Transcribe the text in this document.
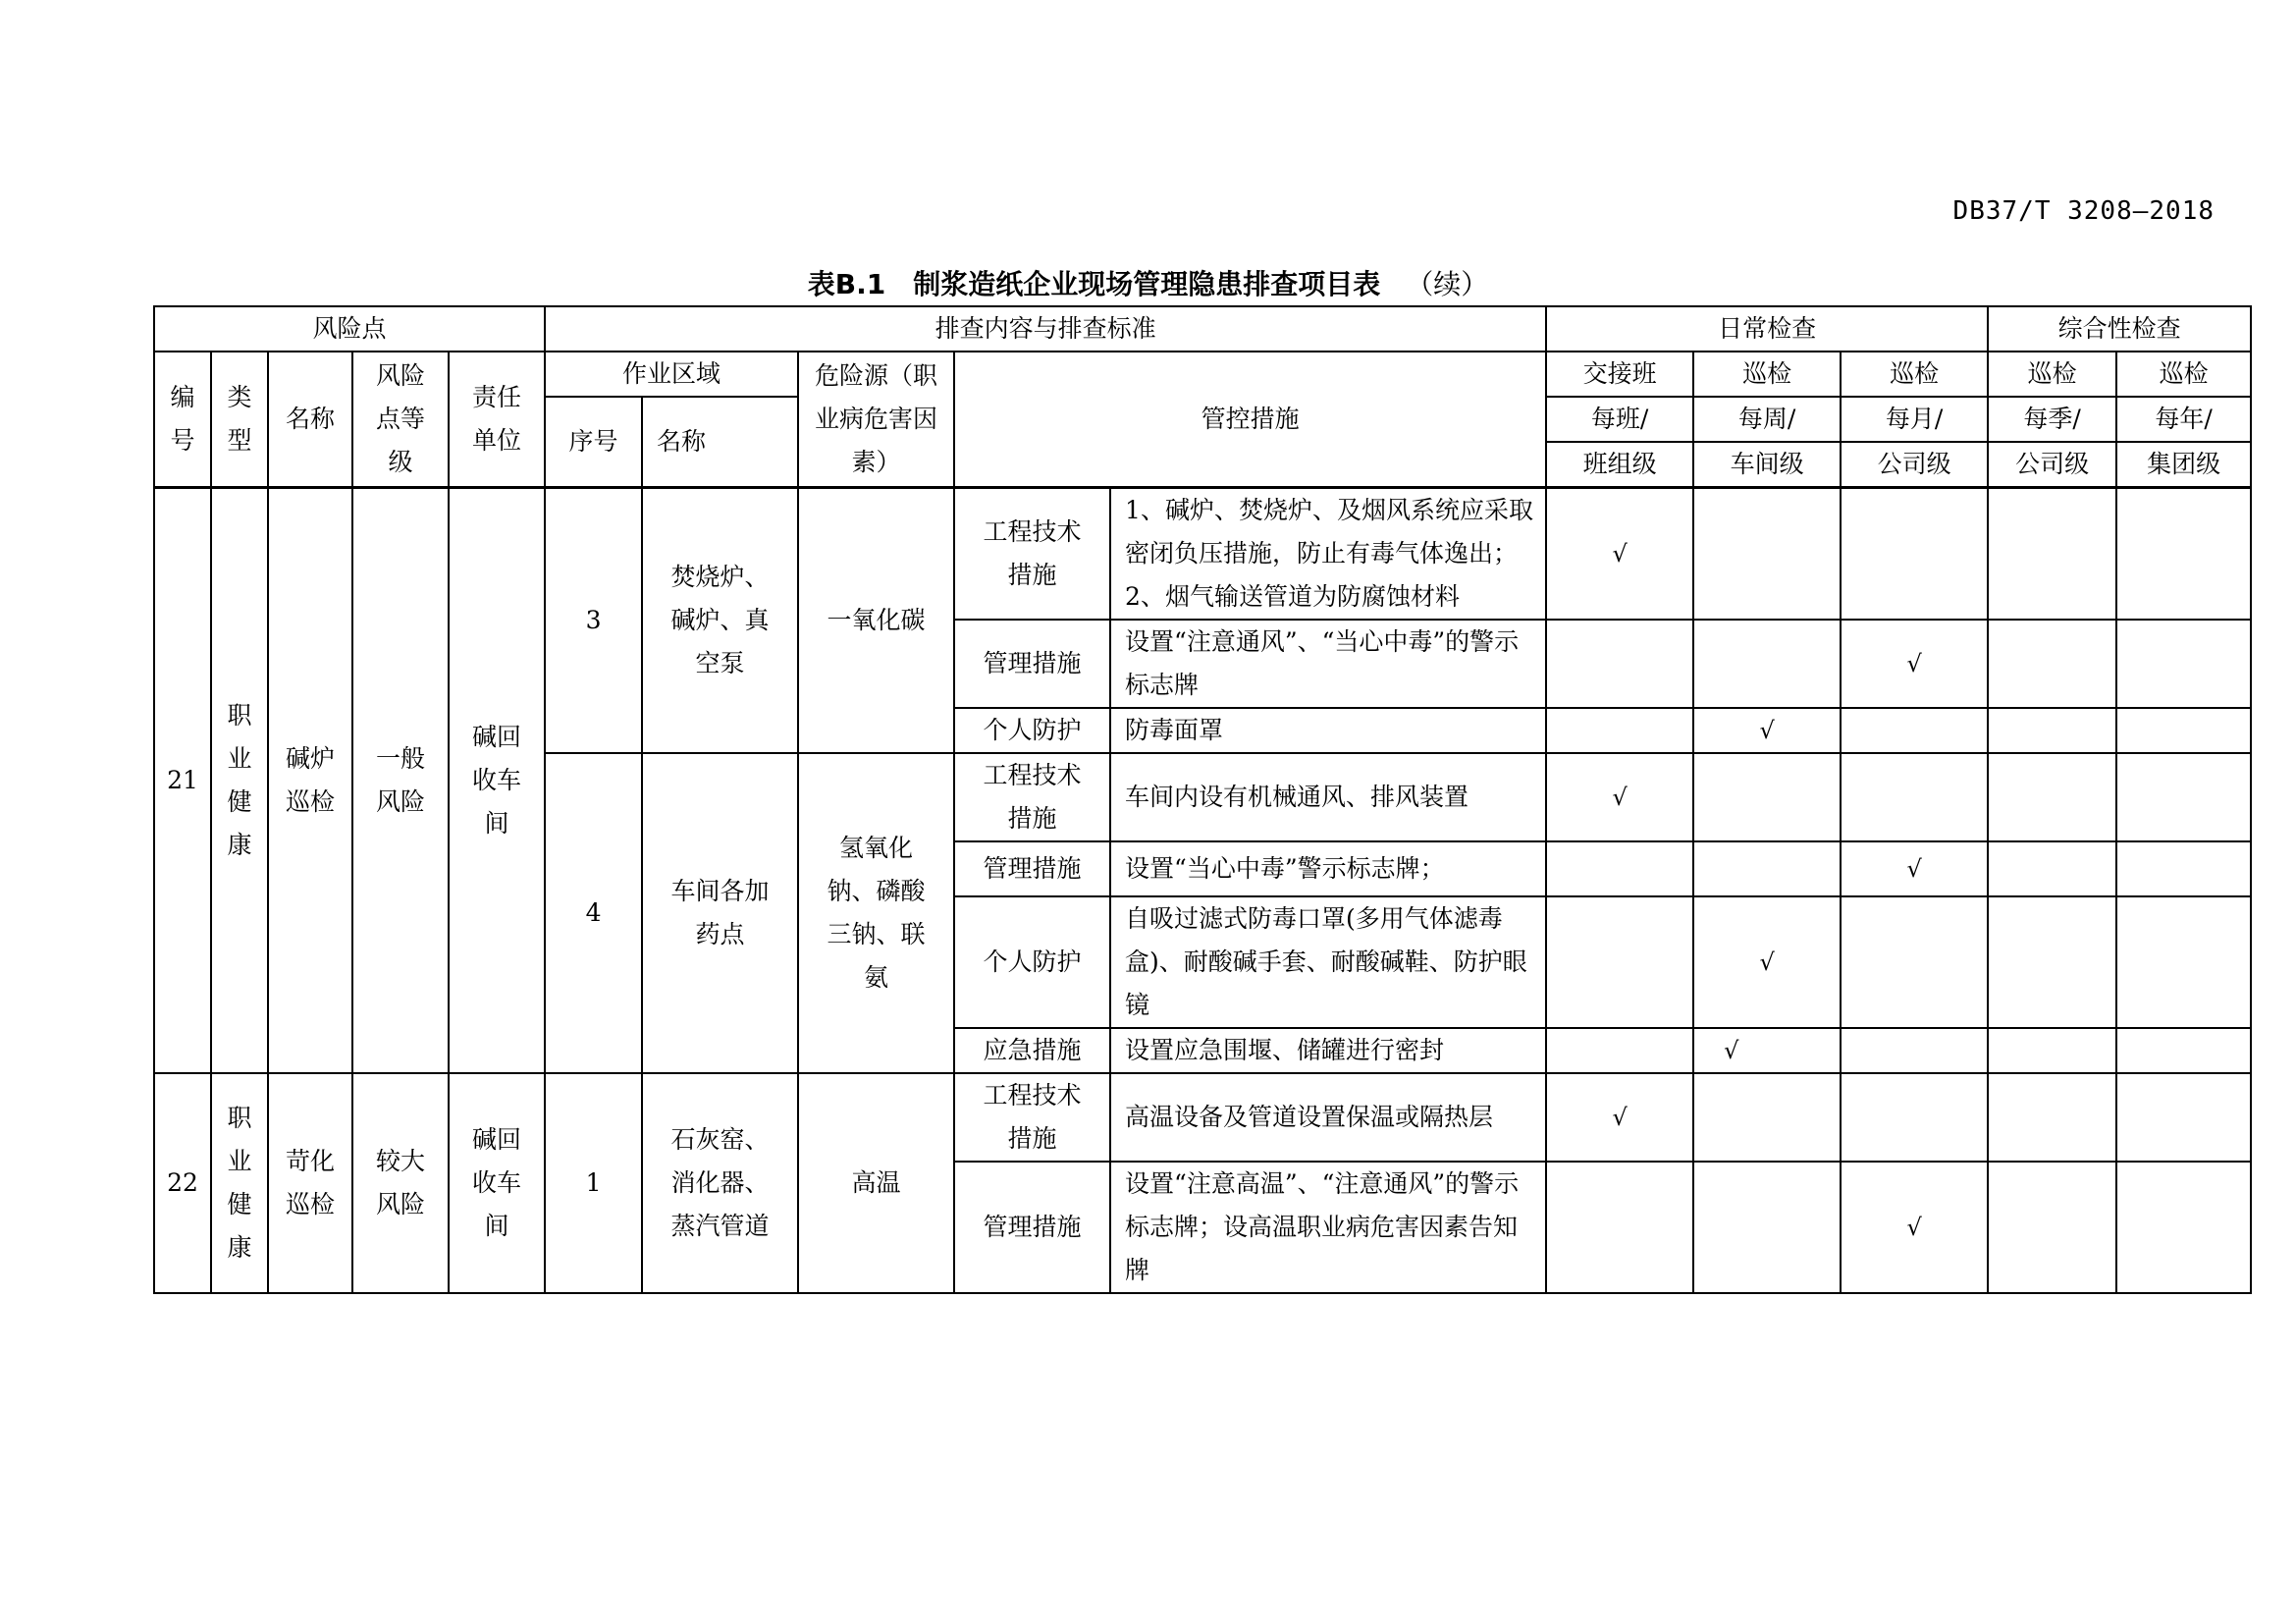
DB37/T 3208—2018
表B.1　制浆造纸企业现场管理隐患排查项目表 （续）
风险点					排查内容与排查标准					日常检查			综合性检查	
编号	类型	名称	风险点等级	责任单位	作业区域		危险源（职业病危害因素）	管控措施		交接班	巡检	巡检	巡检	巡检
					序号	名称				每班/	每周/	每月/	每季/	每年/
										班组级	车间级	公司级	公司级	集团级
21	职业健康	碱炉巡检	一般风险	碱回收车间	3	焚烧炉、碱炉、真空泵	一氧化碳	工程技术措施	1、碱炉、焚烧炉、及烟风系统应采取密闭负压措施，防止有毒气体逸出；2、烟气输送管道为防腐蚀材料	√				
								管理措施	设置“注意通风”、“当心中毒”的警示标志牌			√		
								个人防护	防毒面罩		√			
					4	车间各加药点	氢氧化钠、磷酸三钠、联氨	工程技术措施	车间内设有机械通风、排风装置	√				
								管理措施	设置“当心中毒”警示标志牌；			√		
								个人防护	自吸过滤式防毒口罩(多用气体滤毒盒)、耐酸碱手套、耐酸碱鞋、防护眼镜		√			
								应急措施	设置应急围堰、储罐进行密封		√			
22	职业健康	苛化巡检	较大风险	碱回收车间	1	石灰窑、消化器、蒸汽管道	高温	工程技术措施	高温设备及管道设置保温或隔热层	√				
								管理措施	设置“注意高温”、“注意通风”的警示标志牌；设高温职业病危害因素告知牌			√		
